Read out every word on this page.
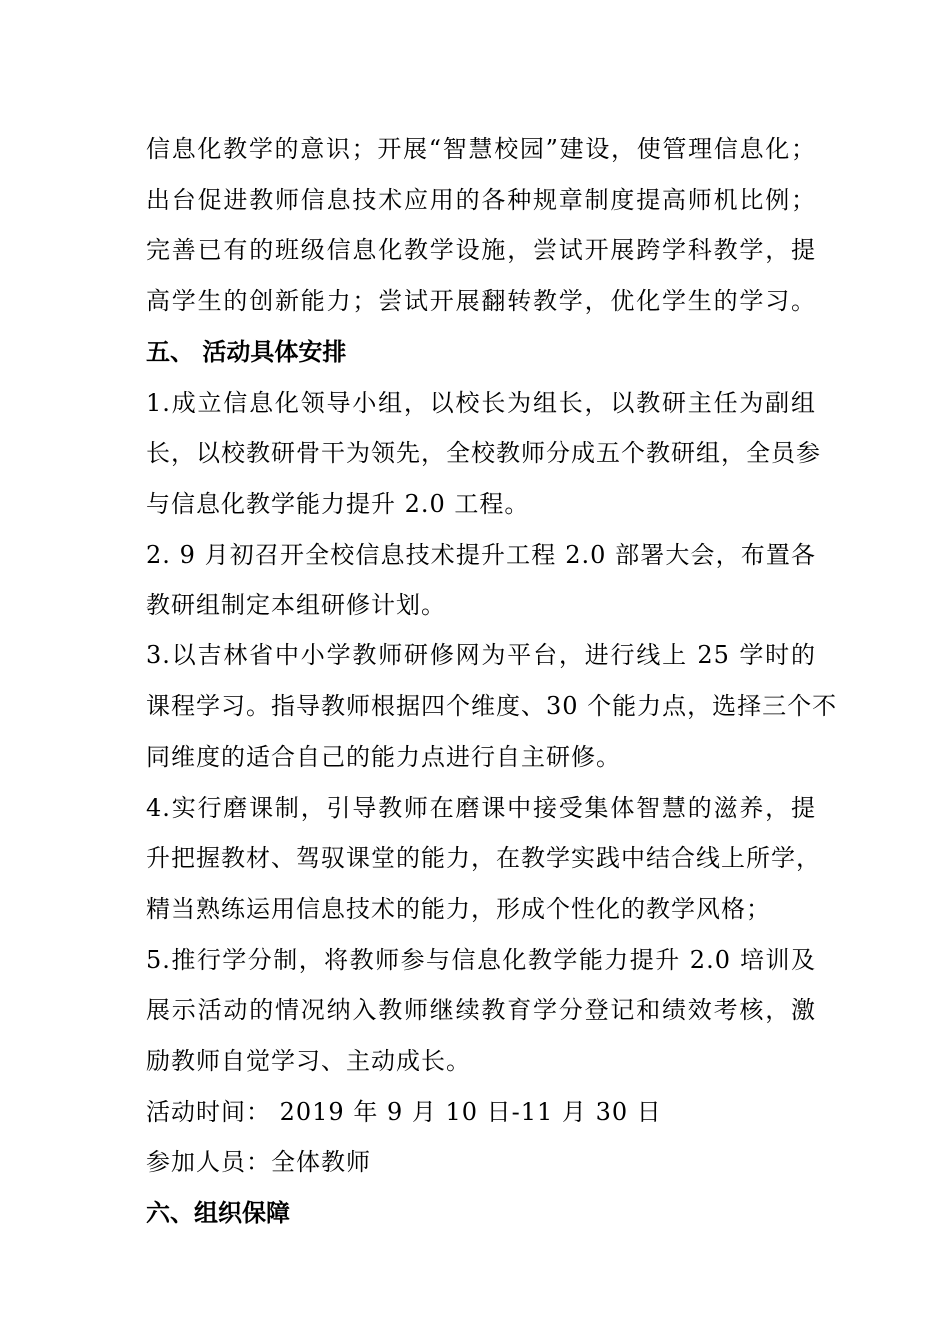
信息化教学的意识；开展“智慧校园”建设，使管理信息化；
出台促进教师信息技术应用的各种规章制度提高师机比例；
完善已有的班级信息化教学设施，尝试开展跨学科教学，提
高学生的创新能力；尝试开展翻转教学，优化学生的学习。
五、 活动具体安排
1.成立信息化领导小组，以校长为组长，以教研主任为副组
长，以校教研骨干为领先，全校教师分成五个教研组，全员参
与信息化教学能力提升 2.0 工程。
2. 9 月初召开全校信息技术提升工程 2.0 部署大会，布置各
教研组制定本组研修计划。
3.以吉林省中小学教师研修网为平台，进行线上 25 学时的
课程学习。指导教师根据四个维度、30 个能力点，选择三个不
同维度的适合自己的能力点进行自主研修。
4.实行磨课制，引导教师在磨课中接受集体智慧的滋养，提
升把握教材、驾驭课堂的能力，在教学实践中结合线上所学，
精当熟练运用信息技术的能力，形成个性化的教学风格；
5.推行学分制，将教师参与信息化教学能力提升 2.0 培训及
展示活动的情况纳入教师继续教育学分登记和绩效考核，激
励教师自觉学习、主动成长。
活动时间： 2019 年 9 月 10 日-11 月 30 日
参加人员：全体教师
六、组织保障
